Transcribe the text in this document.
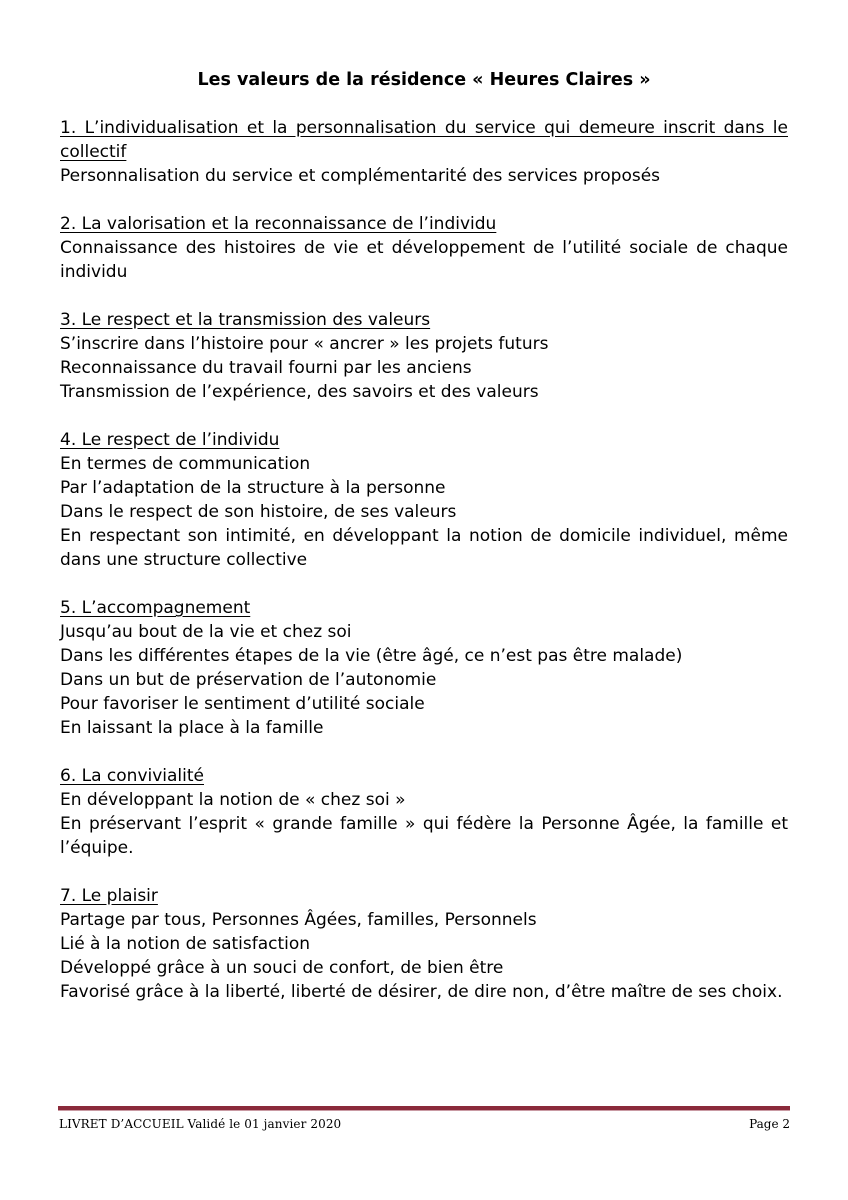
Les valeurs de la résidence « Heures Claires »

1. L’individualisation et la personnalisation du service qui demeure inscrit dans le collectif

Personnalisation du service et complémentarité des services proposés

2. La valorisation et la reconnaissance de l’individu

Connaissance des histoires de vie et développement de l’utilité sociale de chaque individu

3. Le respect et la transmission des valeurs

S’inscrire dans l’histoire pour « ancrer » les projets futurs

Reconnaissance du travail fourni par les anciens

Transmission de l’expérience, des savoirs et des valeurs

4. Le respect de l’individu

En termes de communication

Par l’adaptation de la structure à la personne

Dans le respect de son histoire, de ses valeurs

En respectant son intimité, en développant la notion de domicile individuel, même dans une structure collective

5. L’accompagnement

Jusqu’au bout de la vie et chez soi

Dans les différentes étapes de la vie (être âgé, ce n’est pas être malade)

Dans un but de préservation de l’autonomie

Pour favoriser le sentiment d’utilité sociale

En laissant la place à la famille

6. La convivialité

En développant la notion de « chez soi »

En préservant l’esprit « grande famille » qui fédère la Personne Âgée, la famille et l’équipe.

7. Le plaisir

Partage par tous, Personnes Âgées, familles, Personnels

Lié à la notion de satisfaction

Développé grâce à un souci de confort, de bien être

Favorisé grâce à la liberté, liberté de désirer, de dire non, d’être maître de ses choix.

LIVRET D’ACCUEIL Validé le 01 janvier 2020	Page 2
